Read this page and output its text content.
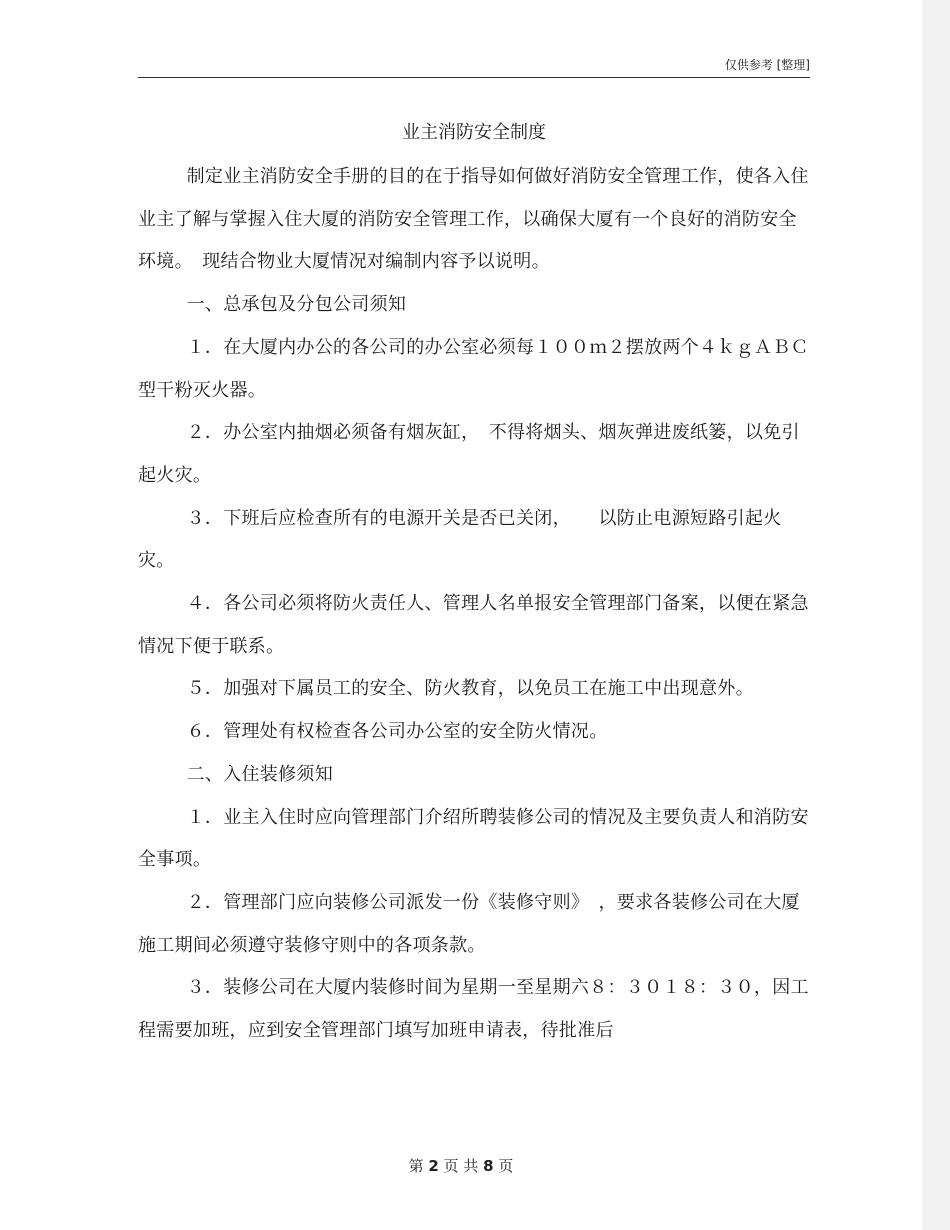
仅供参考 [整理]
业主消防安全制度

制定业主消防安全手册的目的在于指导如何做好消防安全管理工作，使各入住业主了解与掌握入住大厦的消防安全管理工作，以确保大厦有一个良好的消防安全环境。　现结合物业大厦情况对编制内容予以说明。

一、总承包及分包公司须知

１．在大厦内办公的各公司的办公室必须每１００ｍ２摆放两个４ｋｇＡＢＣ型干粉灭火器。

２．办公室内抽烟必须备有烟灰缸，　不得将烟头、烟灰弹进废纸篓，以免引起火灾。

３．下班后应检查所有的电源开关是否已关闭，　　以防止电源短路引起火灾。

４．各公司必须将防火责任人、管理人名单报安全管理部门备案，以便在紧急情况下便于联系。

５．加强对下属员工的安全、防火教育，以免员工在施工中出现意外。

６．管理处有权检查各公司办公室的安全防火情况。

二、入住装修须知

１．业主入住时应向管理部门介绍所聘装修公司的情况及主要负责人和消防安全事项。

２．管理部门应向装修公司派发一份《装修守则》　，要求各装修公司在大厦施工期间必须遵守装修守则中的各项条款。

３．装修公司在大厦内装修时间为星期一至星期六８：３０１８：３０，因工程需要加班，应到安全管理部门填写加班申请表，待批准后

第 2 页 共 8 页
